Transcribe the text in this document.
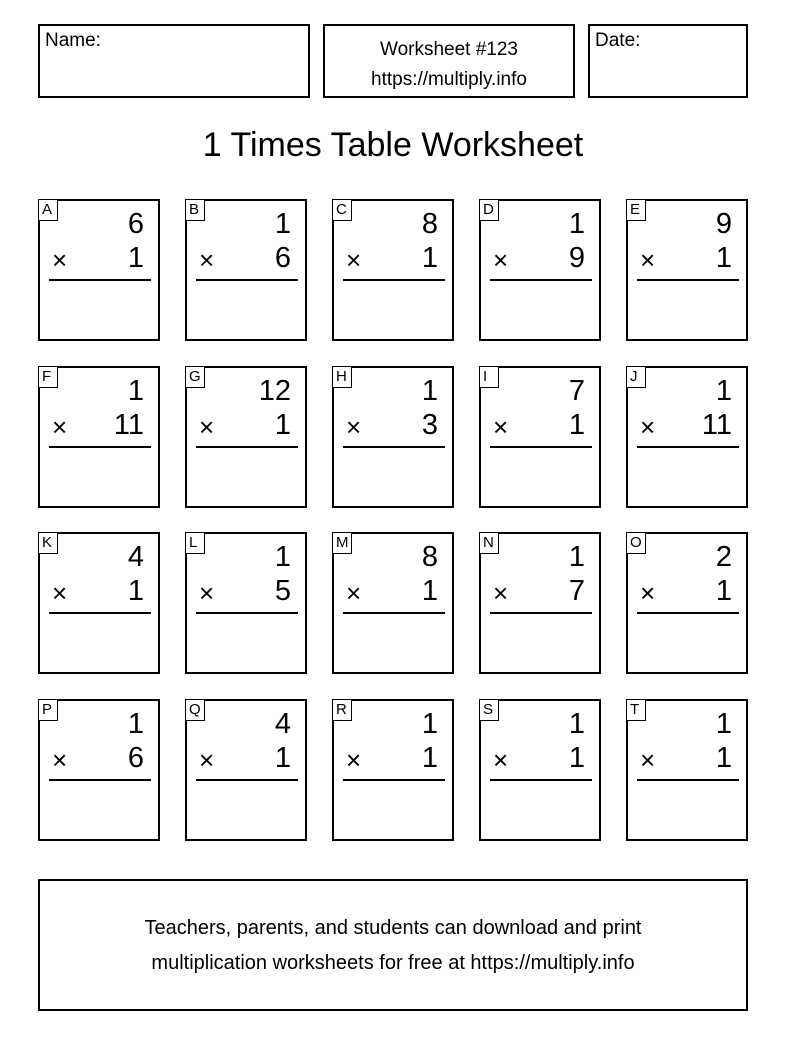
Name:	Worksheet #123
https://multiply.info
Date:
1 Times Table Worksheet
A	6
× 1
B	1
× 6
C	8
× 1
D	1
× 9
E	9
× 1
F	1
× 11
G 12
× 1
H	1
× 3
I	7
× 1
J	1
× 11
K	4
× 1
L	1
× 5
M	8
× 1
N	1
× 7
O	2
× 1
P	1
× 6
Q	4
× 1
R	1
× 1
S	1
× 1
T	1
× 1
Teachers, parents, and students can download and print
multiplication worksheets for free at https://multiply.info
